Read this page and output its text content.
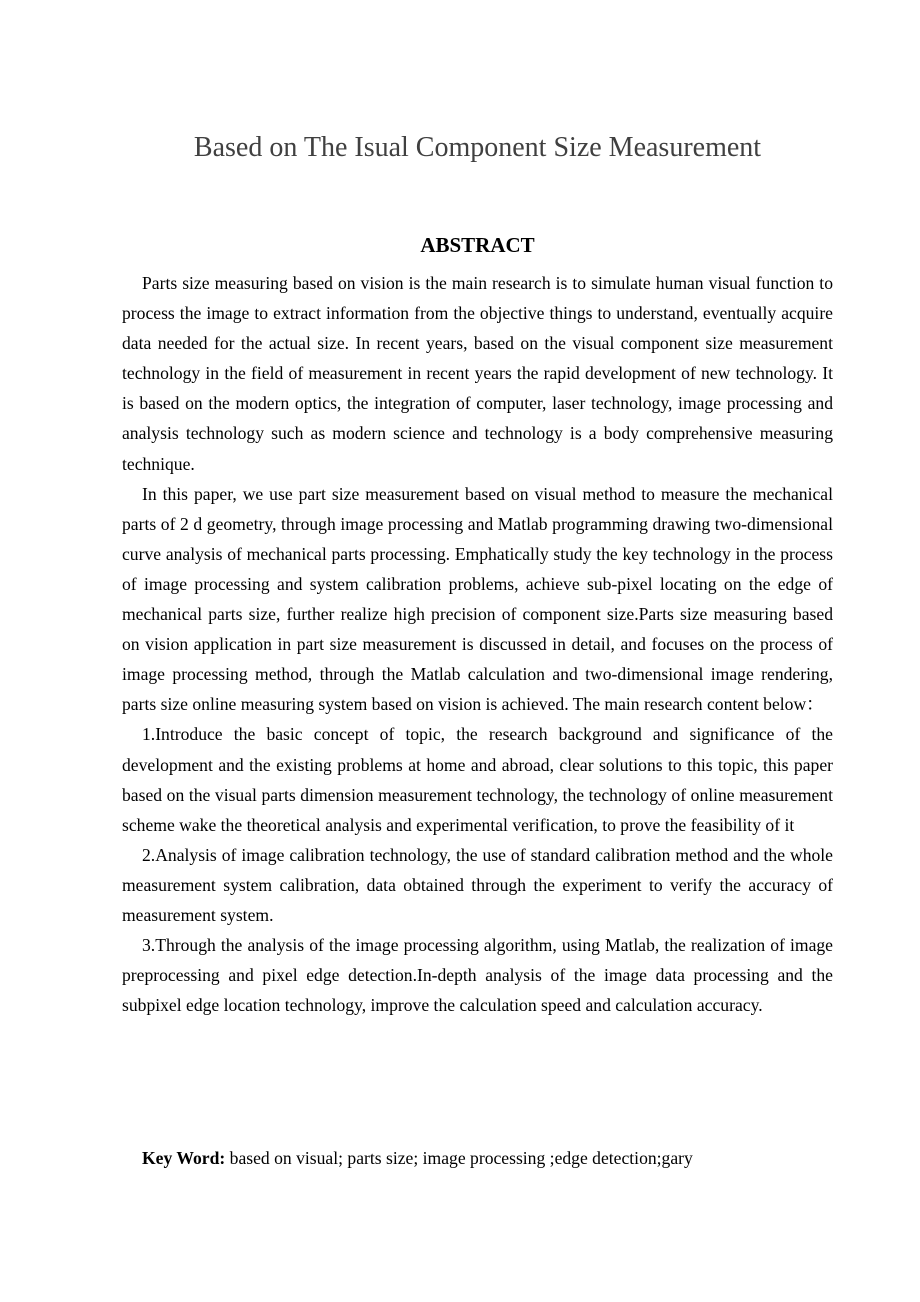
Based on The Isual Component Size Measurement
ABSTRACT

Parts size measuring based on vision is the main research is to simulate human visual function to process the image to extract information from the objective things to understand, eventually acquire data needed for the actual size. In recent years, based on the visual component size measurement technology in the field of measurement in recent years the rapid development of new technology. It is based on the modern optics, the integration of computer, laser technology, image processing and analysis technology such as modern science and technology is a body comprehensive measuring technique.

In this paper, we use part size measurement based on visual method to measure the mechanical parts of 2 d geometry, through image processing and Matlab programming drawing two-dimensional curve analysis of mechanical parts processing. Emphatically study the key technology in the process of image processing and system calibration problems, achieve sub-pixel locating on the edge of mechanical parts size, further realize high precision of component size.Parts size measuring based on vision application in part size measurement is discussed in detail, and focuses on the process of image processing method, through the Matlab calculation and two-dimensional image rendering, parts size online measuring system based on vision is achieved. The main research content below：

1.Introduce the basic concept of topic, the research background and significance of the development and the existing problems at home and abroad, clear solutions to this topic, this paper based on the visual parts dimension measurement technology, the technology of online measurement scheme wake the theoretical analysis and experimental verification, to prove the feasibility of it

2.Analysis of image calibration technology, the use of standard calibration method and the whole measurement system calibration, data obtained through the experiment to verify the accuracy of measurement system.

3.Through the analysis of the image processing algorithm, using Matlab, the realization of image preprocessing and pixel edge detection.In-depth analysis of the image data processing and the subpixel edge location technology, improve the calculation speed and calculation accuracy.

Key Word: based on visual; parts size; image processing ;edge detection;gary
